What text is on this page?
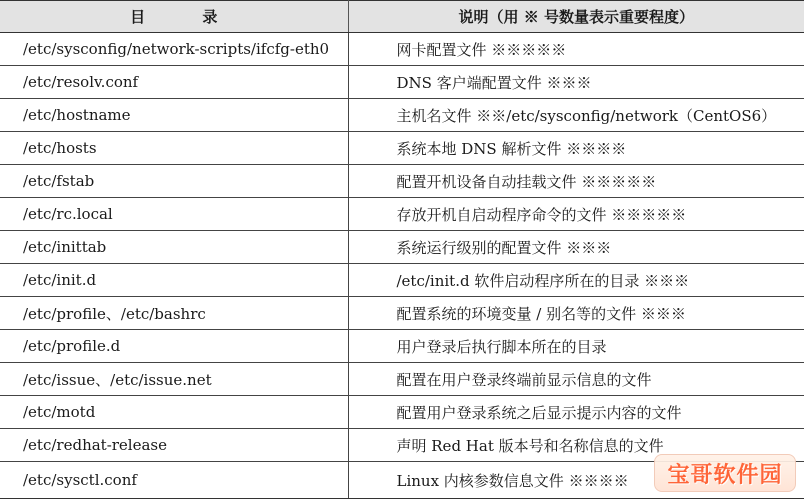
目 录	说明（用 ※ 号数量表示重要程度）
/etc/sysconfig/network-scripts/ifcfg-eth0	网卡配置文件 ※※※※※
/etc/resolv.conf	DNS 客户端配置文件 ※※※
/etc/hostname	主机名文件 ※※/etc/sysconfig/network（CentOS6）
/etc/hosts	系统本地 DNS 解析文件 ※※※※
/etc/fstab	配置开机设备自动挂载文件 ※※※※※
/etc/rc.local	存放开机自启动程序命令的文件 ※※※※※
/etc/inittab	系统运行级别的配置文件 ※※※
/etc/init.d	/etc/init.d 软件启动程序所在的目录 ※※※
/etc/profile、/etc/bashrc	配置系统的环境变量 / 别名等的文件 ※※※
/etc/profile.d	用户登录后执行脚本所在的目录
/etc/issue、/etc/issue.net	配置在用户登录终端前显示信息的文件
/etc/motd	配置用户登录系统之后显示提示内容的文件
/etc/redhat-release	声明 Red Hat 版本号和名称信息的文件
/etc/sysctl.conf	Linux 内核参数信息文件 ※※※※ 宝哥软件园
